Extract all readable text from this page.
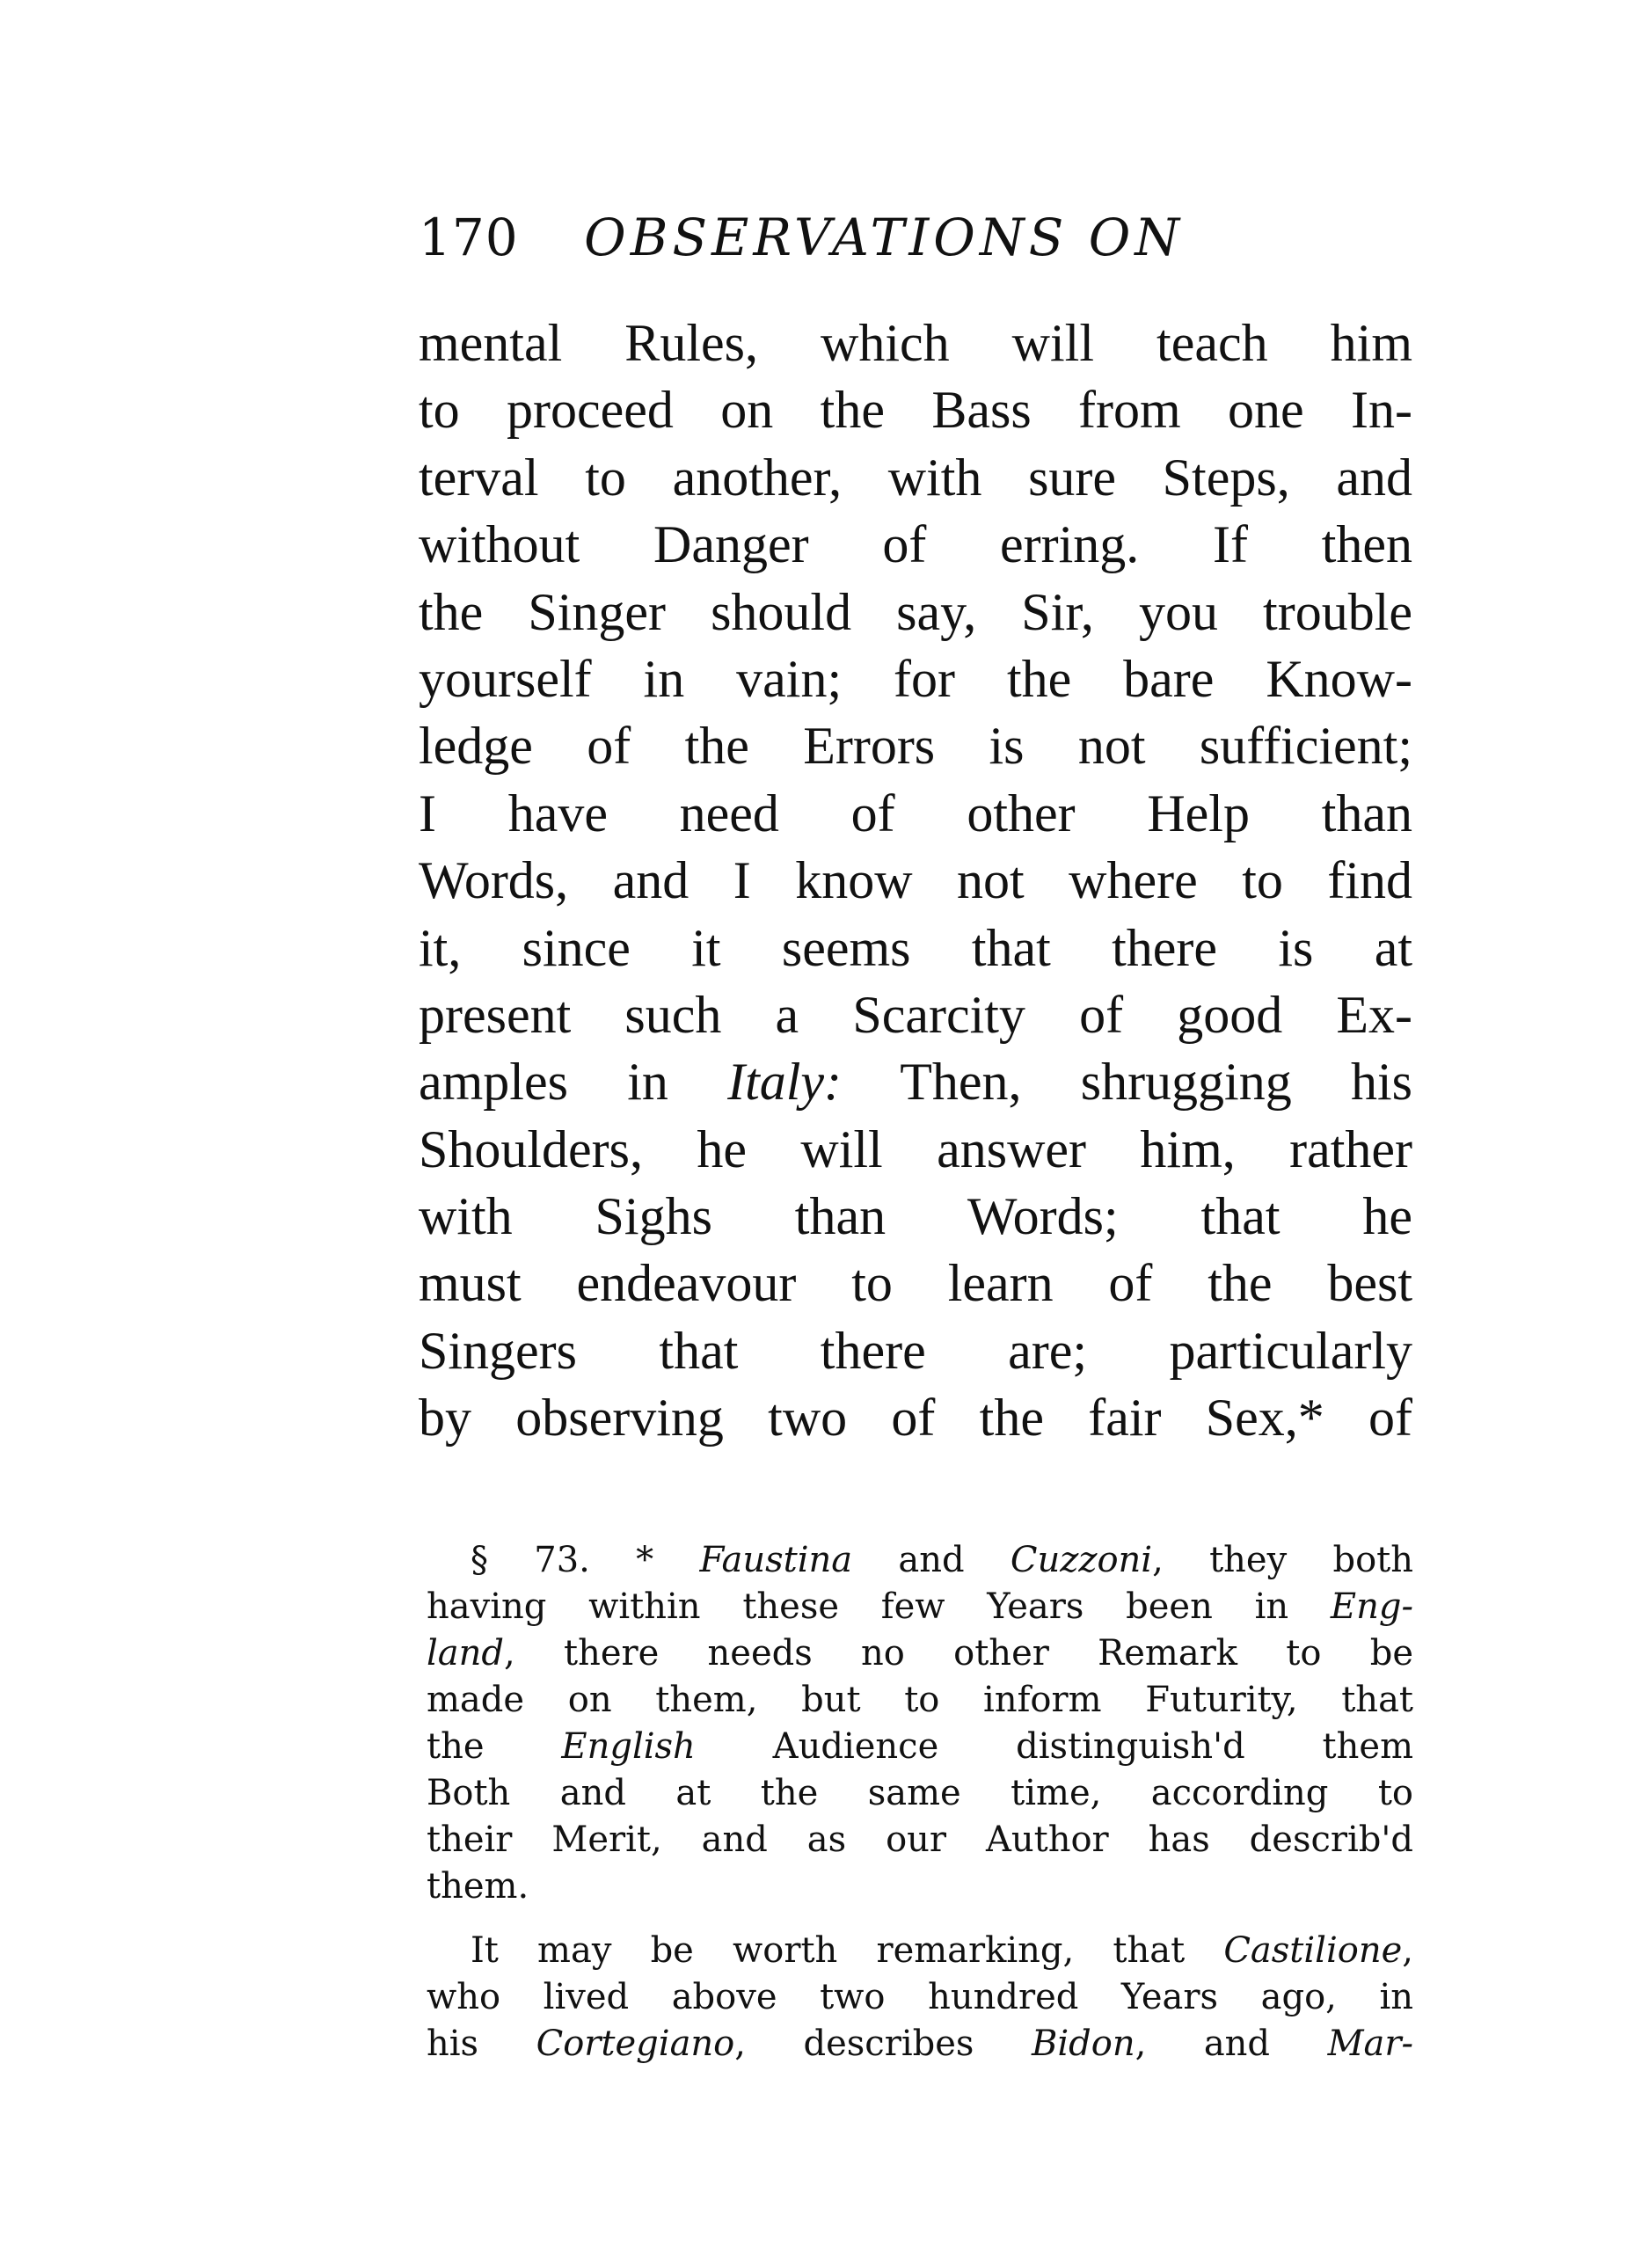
170 OBSERVATIONS ON
mental Rules, which will teach him
to proceed on the Bass from one In-
terval to another, with sure Steps, and
without Danger of erring. If then
the Singer should say, Sir, you trouble
yourself in vain; for the bare Know-
ledge of the Errors is not sufficient;
I have need of other Help than
Words, and I know not where to find
it, since it seems that there is at
present such a Scarcity of good Ex-
amples in Italy: Then, shrugging his
Shoulders, he will answer him, rather
with Sighs than Words; that he
must endeavour to learn of the best
Singers that there are; particularly
by observing two of the fair Sex,* of
§ 73. * Faustina and Cuzzoni, they both
having within these few Years been in Eng-
land, there needs no other Remark to be
made on them, but to inform Futurity, that
the English Audience distinguish'd them
Both and at the same time, according to
their Merit, and as our Author has describ'd
them.
It may be worth remarking, that Castilione,
who lived above two hundred Years ago, in
his Cortegiano, describes Bidon, and Mar-
